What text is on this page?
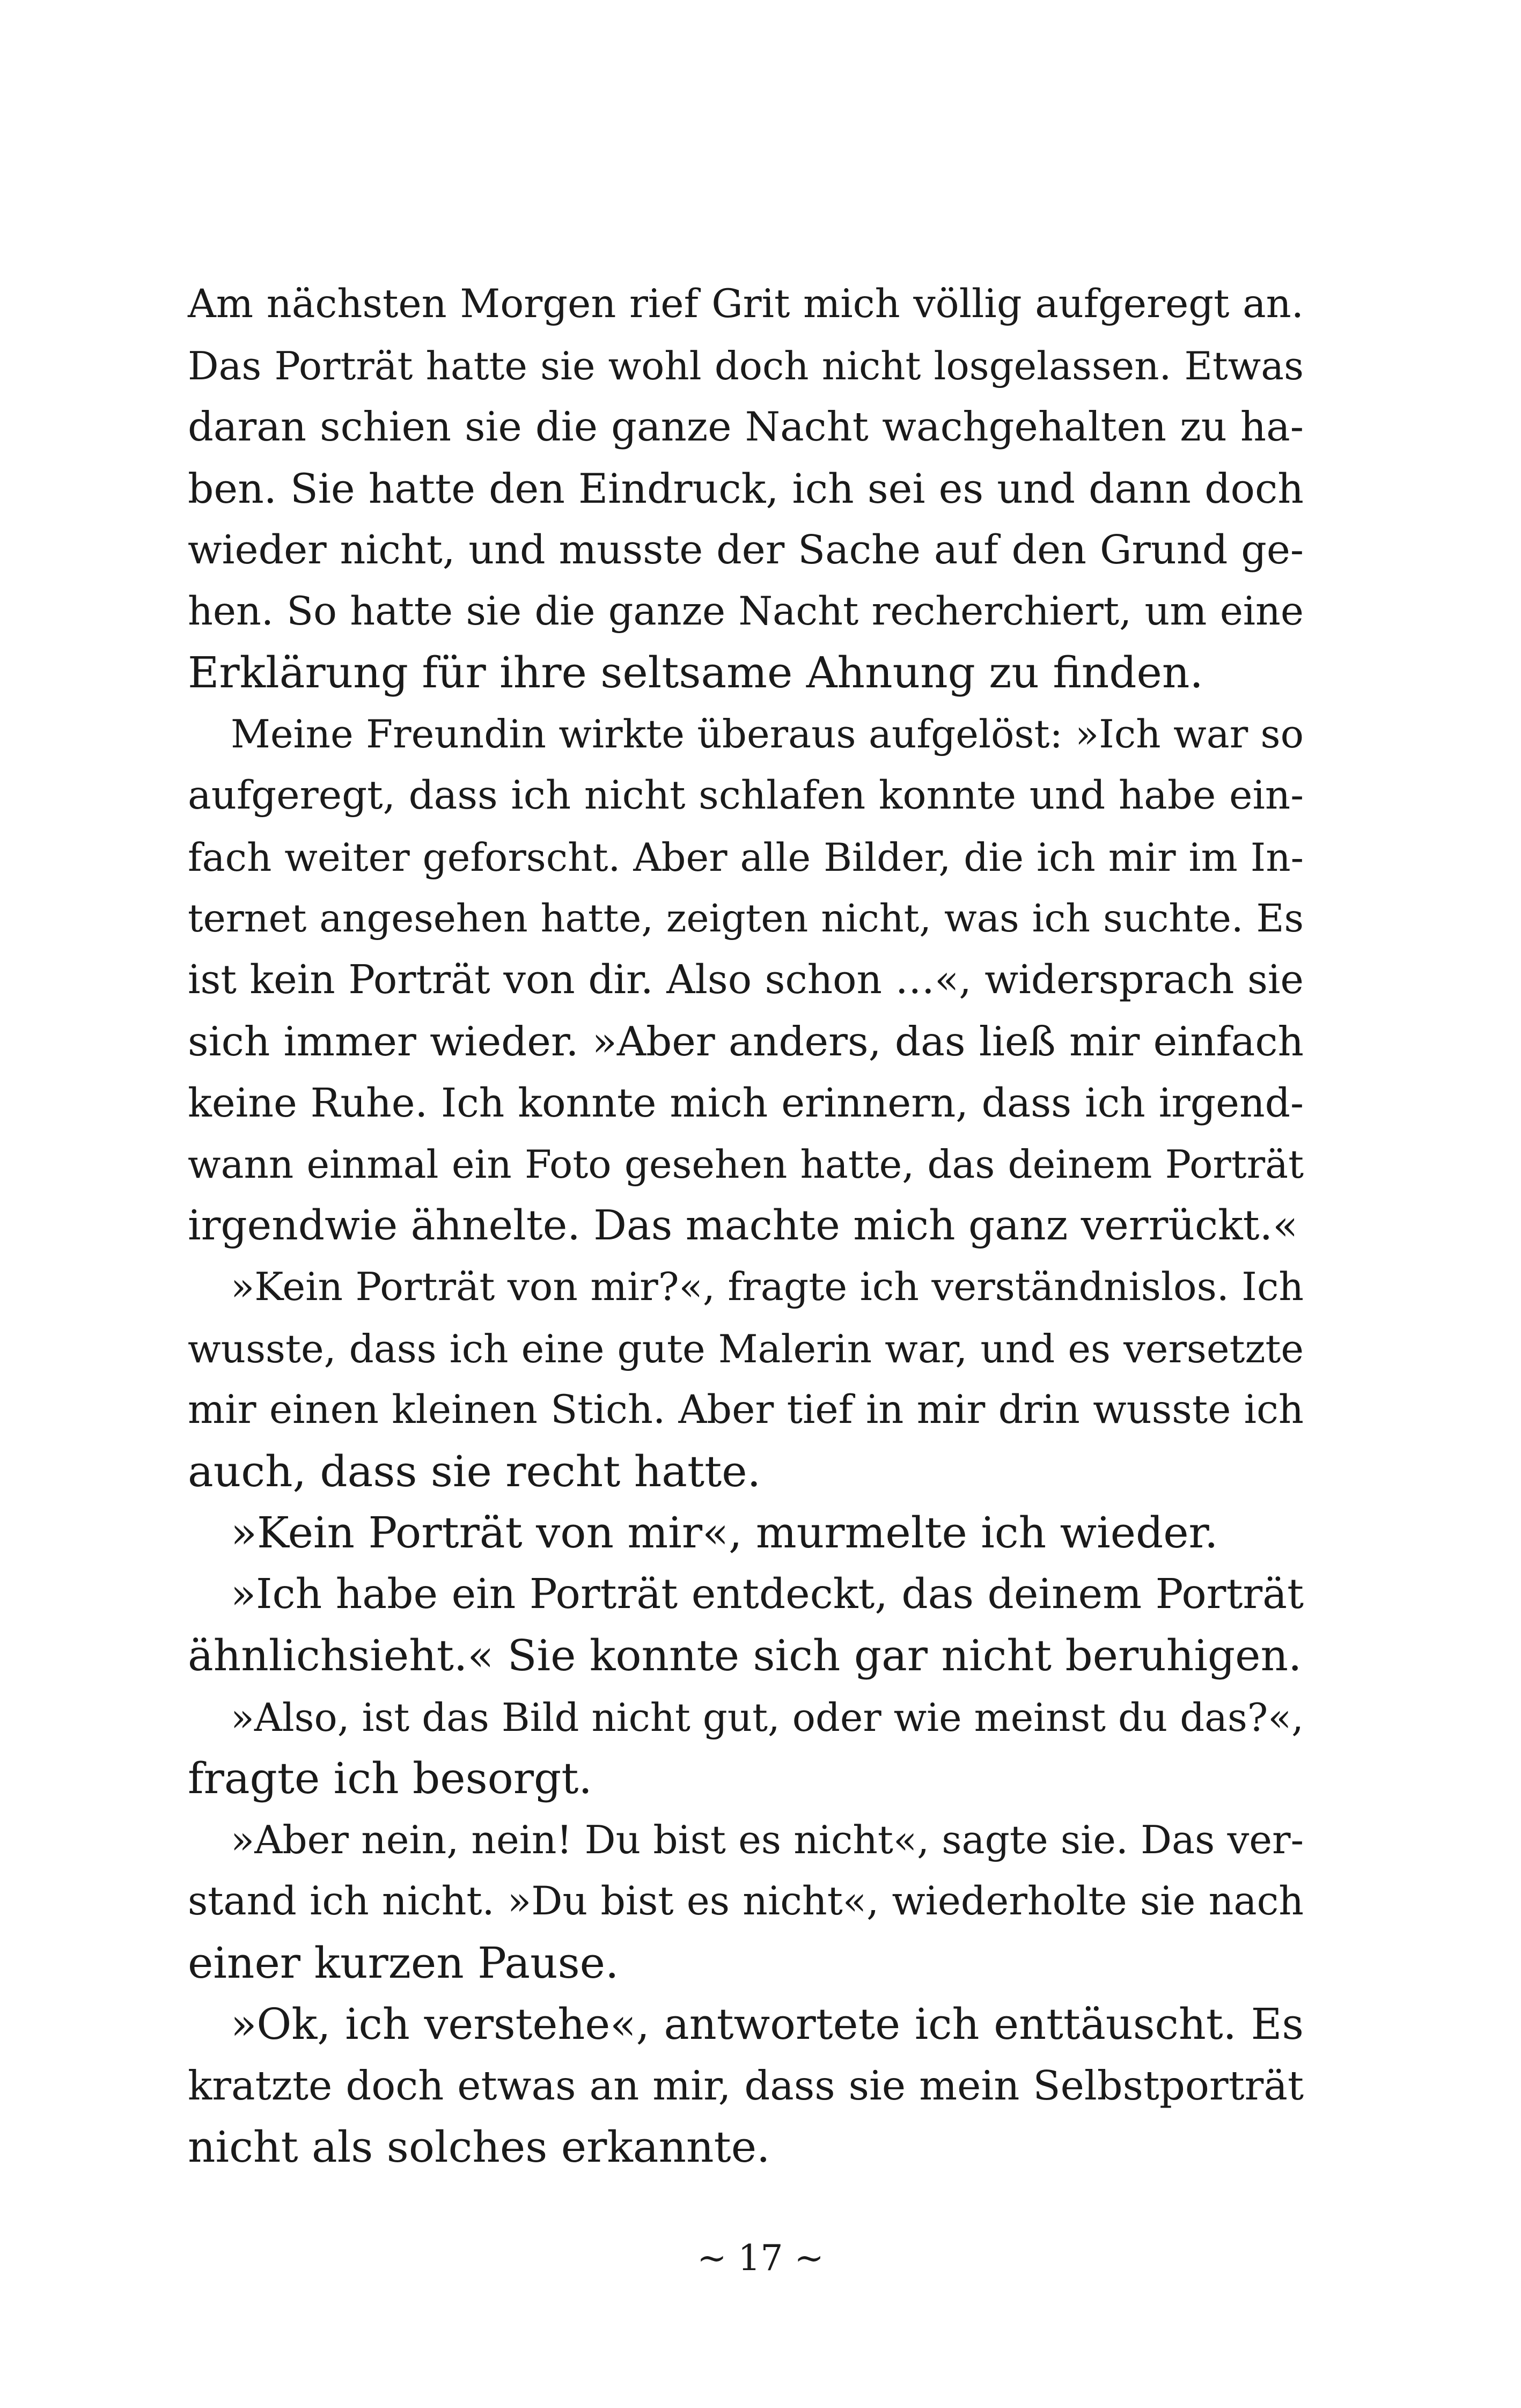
Am nächsten Morgen rief Grit mich völlig aufgeregt an.
Das Porträt hatte sie wohl doch nicht losgelassen. Etwas
daran schien sie die ganze Nacht wachgehalten zu ha-
ben. Sie hatte den Eindruck, ich sei es und dann doch
wieder nicht, und musste der Sache auf den Grund ge-
hen. So hatte sie die ganze Nacht recherchiert, um eine
Erklärung für ihre seltsame Ahnung zu finden.
Meine Freundin wirkte überaus aufgelöst: »Ich war so
aufgeregt, dass ich nicht schlafen konnte und habe ein-
fach weiter geforscht. Aber alle Bilder, die ich mir im In-
ternet angesehen hatte, zeigten nicht, was ich suchte. Es
ist kein Porträt von dir. Also schon …«, widersprach sie
sich immer wieder. »Aber anders, das ließ mir einfach
keine Ruhe. Ich konnte mich erinnern, dass ich irgend-
wann einmal ein Foto gesehen hatte, das deinem Porträt
irgendwie ähnelte. Das machte mich ganz verrückt.«
»Kein Porträt von mir?«, fragte ich verständnislos. Ich
wusste, dass ich eine gute Malerin war, und es versetzte
mir einen kleinen Stich. Aber tief in mir drin wusste ich
auch, dass sie recht hatte.
»Kein Porträt von mir«, murmelte ich wieder.
»Ich habe ein Porträt entdeckt, das deinem Porträt
ähnlichsieht.« Sie konnte sich gar nicht beruhigen.
»Also, ist das Bild nicht gut, oder wie meinst du das?«,
fragte ich besorgt.
»Aber nein, nein! Du bist es nicht«, sagte sie. Das ver-
stand ich nicht. »Du bist es nicht«, wiederholte sie nach
einer kurzen Pause.
»Ok, ich verstehe«, antwortete ich enttäuscht. Es
kratzte doch etwas an mir, dass sie mein Selbstporträt
nicht als solches erkannte.
~ 17 ~
